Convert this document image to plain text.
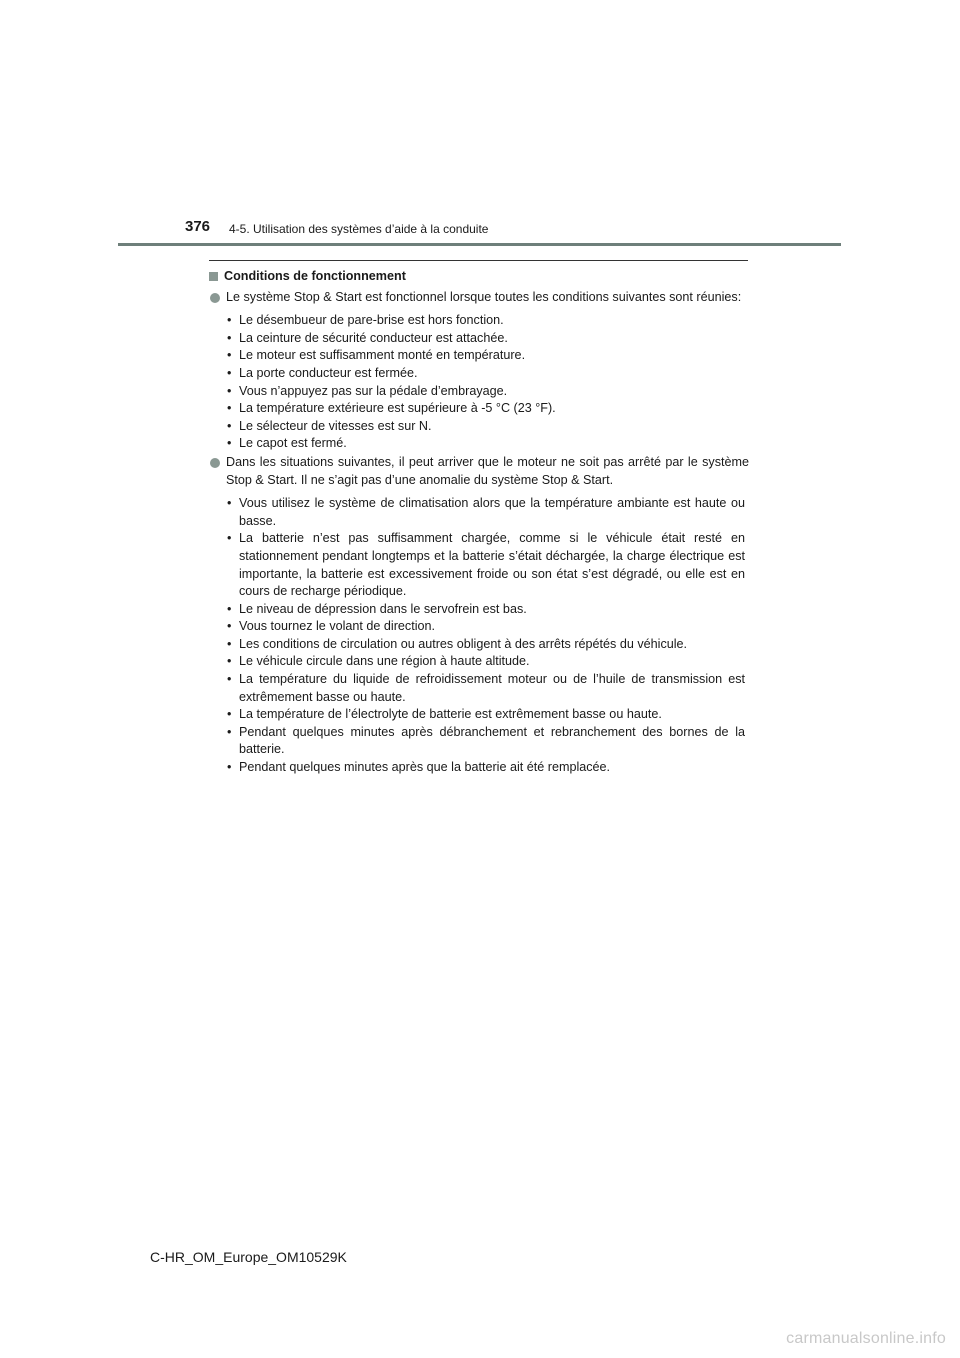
376 4-5. Utilisation des systèmes d’aide à la conduite
Conditions de fonctionnement
Le système Stop & Start est fonctionnel lorsque toutes les conditions suivantes sont réunies:
• Le désembueur de pare-brise est hors fonction.
• La ceinture de sécurité conducteur est attachée.
• Le moteur est suffisamment monté en température.
• La porte conducteur est fermée.
• Vous n’appuyez pas sur la pédale d’embrayage.
• La température extérieure est supérieure à -5 °C (23 °F).
• Le sélecteur de vitesses est sur N.
• Le capot est fermé.
Dans les situations suivantes, il peut arriver que le moteur ne soit pas arrêté par le système Stop & Start. Il ne s’agit pas d’une anomalie du système Stop & Start.
• Vous utilisez le système de climatisation alors que la température ambiante est haute ou basse.
• La batterie n’est pas suffisamment chargée, comme si le véhicule était resté en stationnement pendant longtemps et la batterie s’était déchargée, la charge électrique est importante, la batterie est excessivement froide ou son état s’est dégradé, ou elle est en cours de recharge périodique.
• Le niveau de dépression dans le servofrein est bas.
• Vous tournez le volant de direction.
• Les conditions de circulation ou autres obligent à des arrêts répétés du véhicule.
• Le véhicule circule dans une région à haute altitude.
• La température du liquide de refroidissement moteur ou de l’huile de transmission est extrêmement basse ou haute.
• La température de l’électrolyte de batterie est extrêmement basse ou haute.
• Pendant quelques minutes après débranchement et rebranchement des bornes de la batterie.
• Pendant quelques minutes après que la batterie ait été remplacée.
C-HR_OM_Europe_OM10529K
carmanualsonline.info
